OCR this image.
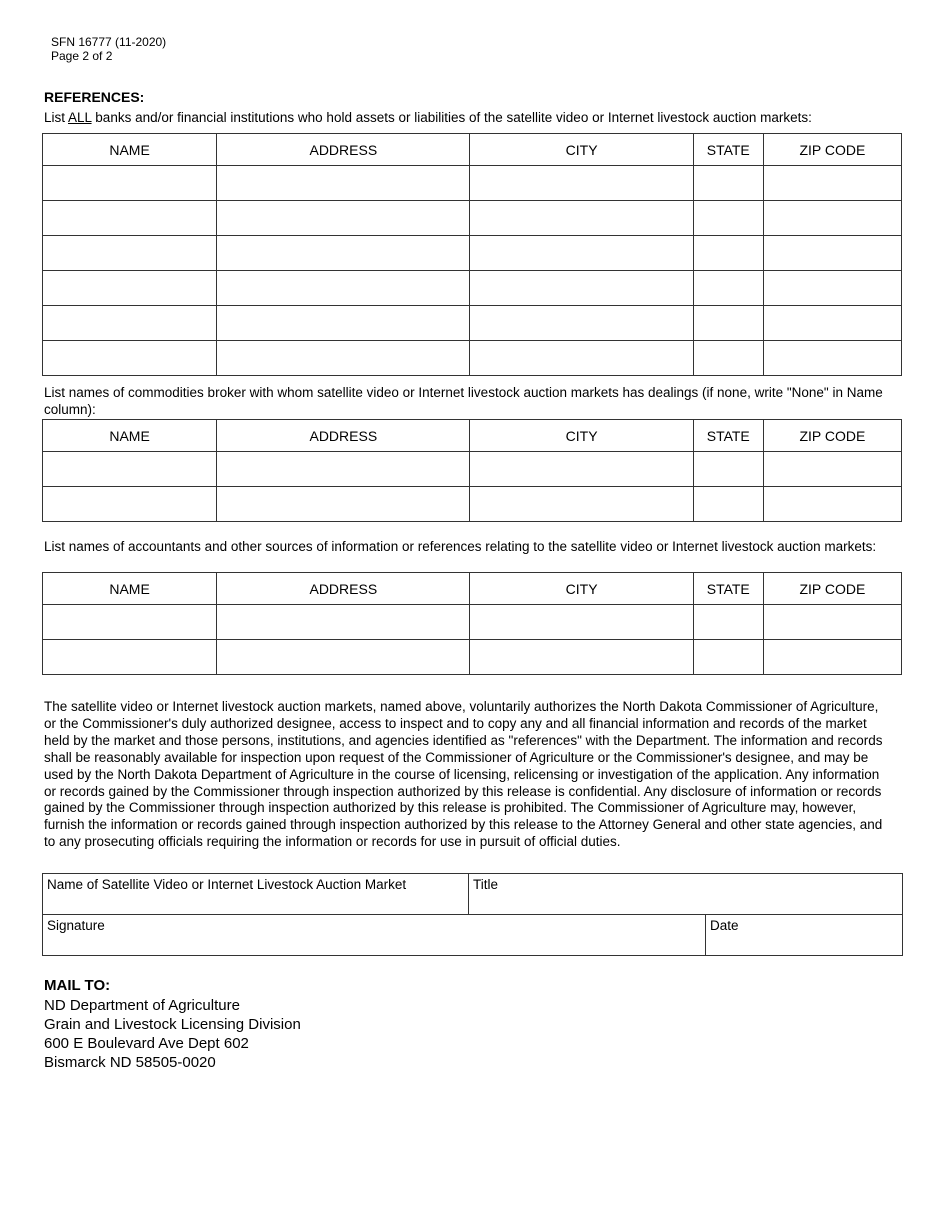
SFN 16777 (11-2020)
Page 2 of 2
REFERENCES:
List ALL banks and/or financial institutions who hold assets or liabilities of the satellite video or Internet livestock auction markets:
NAME	ADDRESS	CITY	STATE	ZIP CODE

List names of commodities broker with whom satellite video or Internet livestock auction markets has dealings (if none, write "None" in Name column):
NAME	ADDRESS	CITY	STATE	ZIP CODE

List names of accountants and other sources of information or references relating to the satellite video or Internet livestock auction markets:
NAME	ADDRESS	CITY	STATE	ZIP CODE

The satellite video or Internet livestock auction markets, named above, voluntarily authorizes the North Dakota Commissioner of Agriculture, or the Commissioner's duly authorized designee, access to inspect and to copy any and all financial information and records of the market held by the market and those persons, institutions, and agencies identified as "references" with the Department. The information and records shall be reasonably available for inspection upon request of the Commissioner of Agriculture or the Commissioner's designee, and may be used by the North Dakota Department of Agriculture in the course of licensing, relicensing or investigation of the application. Any information or records gained by the Commissioner through inspection authorized by this release is confidential. Any disclosure of information or records gained by the Commissioner through inspection authorized by this release is prohibited. The Commissioner of Agriculture may, however, furnish the information or records gained through inspection authorized by this release to the Attorney General and other state agencies, and to any prosecuting officials requiring the information or records for use in pursuit of official duties.
Name of Satellite Video or Internet Livestock Auction Market	Title	
Signature		Date
MAIL TO:
ND Department of Agriculture
Grain and Livestock Licensing Division
600 E Boulevard Ave Dept 602
Bismarck ND 58505-0020
